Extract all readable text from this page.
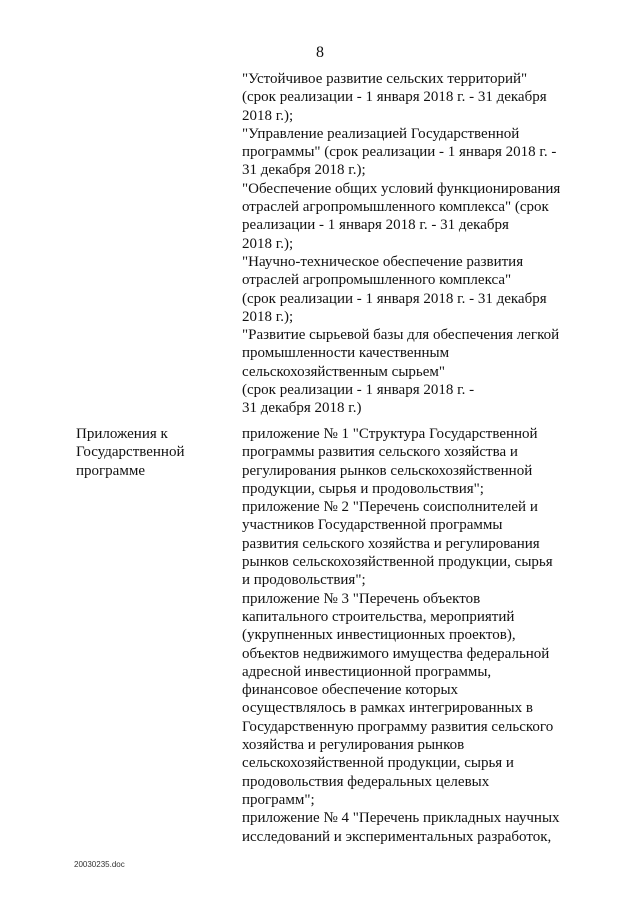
8
"Устойчивое развитие сельских территорий"
(срок реализации - 1 января 2018 г. - 31 декабря
2018 г.);
"Управление реализацией Государственной
программы" (срок реализации - 1 января 2018 г. -
31 декабря 2018 г.);
"Обеспечение общих условий функционирования
отраслей агропромышленного комплекса" (срок
реализации - 1 января 2018 г. - 31 декабря
2018 г.);
"Научно-техническое обеспечение развития
отраслей агропромышленного комплекса"
(срок реализации - 1 января 2018 г. - 31 декабря
2018 г.);
"Развитие сырьевой базы для обеспечения легкой
промышленности качественным
сельскохозяйственным сырьем"
(срок реализации - 1 января 2018 г. -
31 декабря 2018 г.)
Приложения к
Государственной
программе
приложение № 1 "Структура Государственной
программы развития сельского хозяйства и
регулирования рынков сельскохозяйственной
продукции, сырья и продовольствия";
приложение № 2 "Перечень соисполнителей и
участников Государственной программы
развития сельского хозяйства и регулирования
рынков сельскохозяйственной продукции, сырья
и продовольствия";
приложение № 3 "Перечень объектов
капитального строительства, мероприятий
(укрупненных инвестиционных проектов),
объектов недвижимого имущества федеральной
адресной инвестиционной программы,
финансовое обеспечение которых
осуществлялось в рамках интегрированных в
Государственную программу развития сельского
хозяйства и регулирования рынков
сельскохозяйственной продукции, сырья и
продовольствия федеральных целевых
программ";
приложение № 4 "Перечень прикладных научных
исследований и экспериментальных разработок,
20030235.doc
